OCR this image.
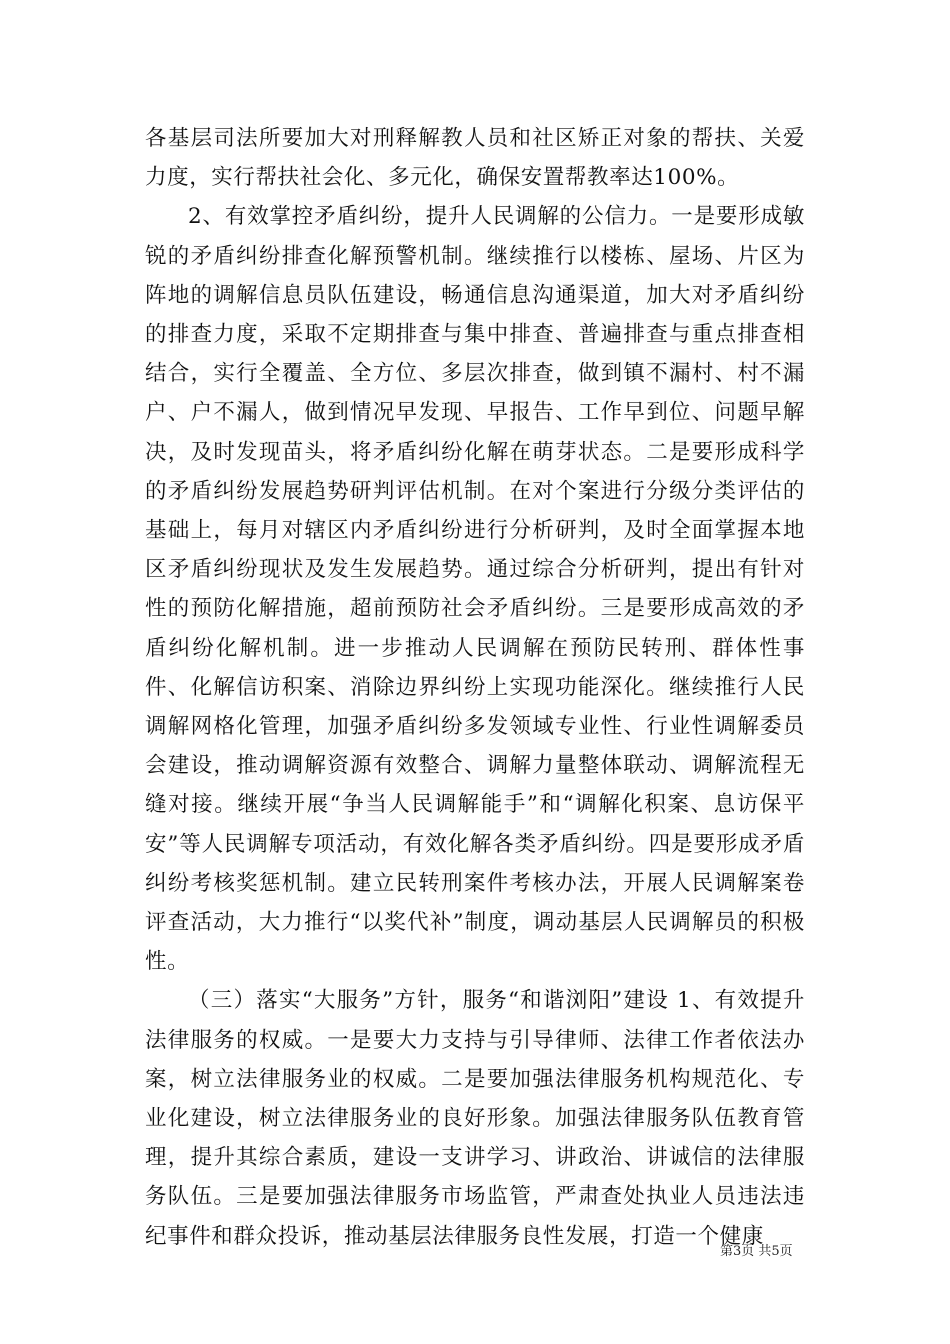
各基层司法所要加大对刑释解教人员和社区矫正对象的帮扶、关爱力度，实行帮扶社会化、多元化，确保安置帮教率达100%。

2、有效掌控矛盾纠纷，提升人民调解的公信力。一是要形成敏锐的矛盾纠纷排查化解预警机制。继续推行以楼栋、屋场、片区为阵地的调解信息员队伍建设，畅通信息沟通渠道，加大对矛盾纠纷的排查力度，采取不定期排查与集中排查、普遍排查与重点排查相结合，实行全覆盖、全方位、多层次排查，做到镇不漏村、村不漏户、户不漏人，做到情况早发现、早报告、工作早到位、问题早解决，及时发现苗头，将矛盾纠纷化解在萌芽状态。二是要形成科学的矛盾纠纷发展趋势研判评估机制。在对个案进行分级分类评估的基础上，每月对辖区内矛盾纠纷进行分析研判，及时全面掌握本地区矛盾纠纷现状及发生发展趋势。通过综合分析研判，提出有针对性的预防化解措施，超前预防社会矛盾纠纷。三是要形成高效的矛盾纠纷化解机制。进一步推动人民调解在预防民转刑、群体性事件、化解信访积案、消除边界纠纷上实现功能深化。继续推行人民调解网格化管理，加强矛盾纠纷多发领域专业性、行业性调解委员会建设，推动调解资源有效整合、调解力量整体联动、调解流程无缝对接。继续开展“争当人民调解能手”和“调解化积案、息访保平安”等人民调解专项活动，有效化解各类矛盾纠纷。四是要形成矛盾纠纷考核奖惩机制。建立民转刑案件考核办法，开展人民调解案卷评查活动，大力推行“以奖代补”制度，调动基层人民调解员的积极性。

（三）落实“大服务”方针，服务“和谐浏阳”建设 1、有效提升法律服务的权威。一是要大力支持与引导律师、法律工作者依法办案，树立法律服务业的权威。二是要加强法律服务机构规范化、专业化建设，树立法律服务业的良好形象。加强法律服务队伍教育管理，提升其综合素质，建设一支讲学习、讲政治、讲诚信的法律服务队伍。三是要加强法律服务市场监管，严肃查处执业人员违法违纪事件和群众投诉，推动基层法律服务良性发展，打造一个健康

第3页 共5页
